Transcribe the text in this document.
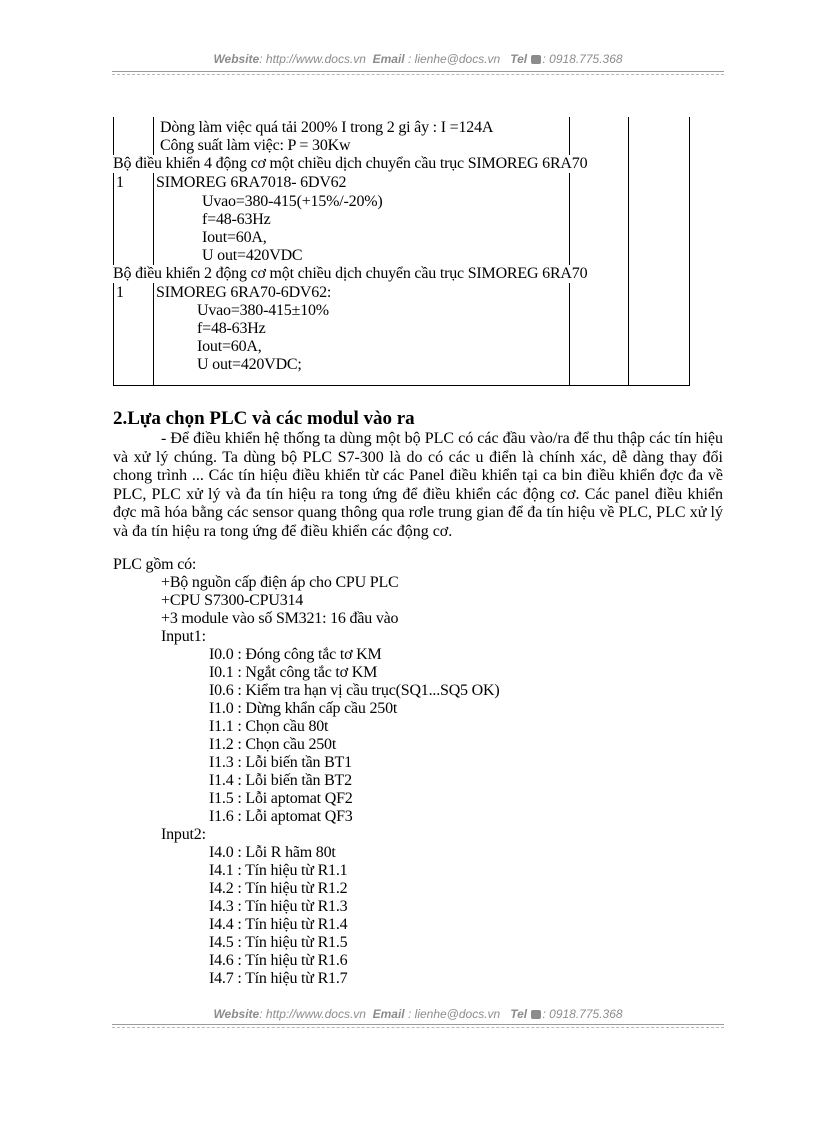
Website: http://www.docs.vn Email : lienhe@docs.vn Tel : 0918.775.368
Dòng làm việc quá tải 200% I trong 2 gi ây : I =124A
Công suất làm việc: P = 30Kw
Bộ điều khiển 4 động cơ một chiều dịch chuyển cầu trục SIMOREG 6RA70
1 SIMOREG 6RA7018- 6DV62
Uvao=380-415(+15%/-20%)
f=48-63Hz
Iout=60A,
U out=420VDC
Bộ điều khiển 2 động cơ một chiều dịch chuyển cầu trục SIMOREG 6RA70
1 SIMOREG 6RA70-6DV62:
Uvao=380-415±10%
f=48-63Hz
Iout=60A,
U out=420VDC;
2.Lựa chọn PLC và các modul vào ra
- Để điều khiển hệ thống ta dùng một bộ PLC có các đầu vào/ra để thu thập các tín hiệu và xử lý chúng. Ta dùng bộ PLC S7-300 là do có các u điển là chính xác, dễ dàng thay đổi chong trình ... Các tín hiệu điều khiển từ các Panel điều khiển tại ca bin điều khiển đợc đa về PLC, PLC xử lý và đa tín hiệu ra tong ứng để điều khiển các động cơ. Các panel điều khiển đợc mã hóa bằng các sensor quang thông qua rơle trung gian để đa tín hiệu về PLC, PLC xử lý và đa tín hiệu ra tong ứng để điều khiển các động cơ.
PLC gồm có:
+Bộ nguồn cấp điện áp cho CPU PLC
+CPU S7300-CPU314
+3 module vào số SM321: 16 đầu vào
Input1:
I0.0 : Đóng công tắc tơ KM
I0.1 : Ngắt công tắc tơ KM
I0.6 : Kiểm tra hạn vị cầu trục(SQ1...SQ5 OK)
I1.0 : Dừng khẩn cấp cầu 250t
I1.1 : Chọn cầu 80t
I1.2 : Chọn cầu 250t
I1.3 : Lỗi biến tần BT1
I1.4 : Lỗi biến tần BT2
I1.5 : Lỗi aptomat QF2
I1.6 : Lỗi aptomat QF3
Input2:
I4.0 : Lỗi R hãm 80t
I4.1 : Tín hiệu từ R1.1
I4.2 : Tín hiệu từ R1.2
I4.3 : Tín hiệu từ R1.3
I4.4 : Tín hiệu từ R1.4
I4.5 : Tín hiệu từ R1.5
I4.6 : Tín hiệu từ R1.6
I4.7 : Tín hiệu từ R1.7
Website: http://www.docs.vn Email : lienhe@docs.vn Tel : 0918.775.368
